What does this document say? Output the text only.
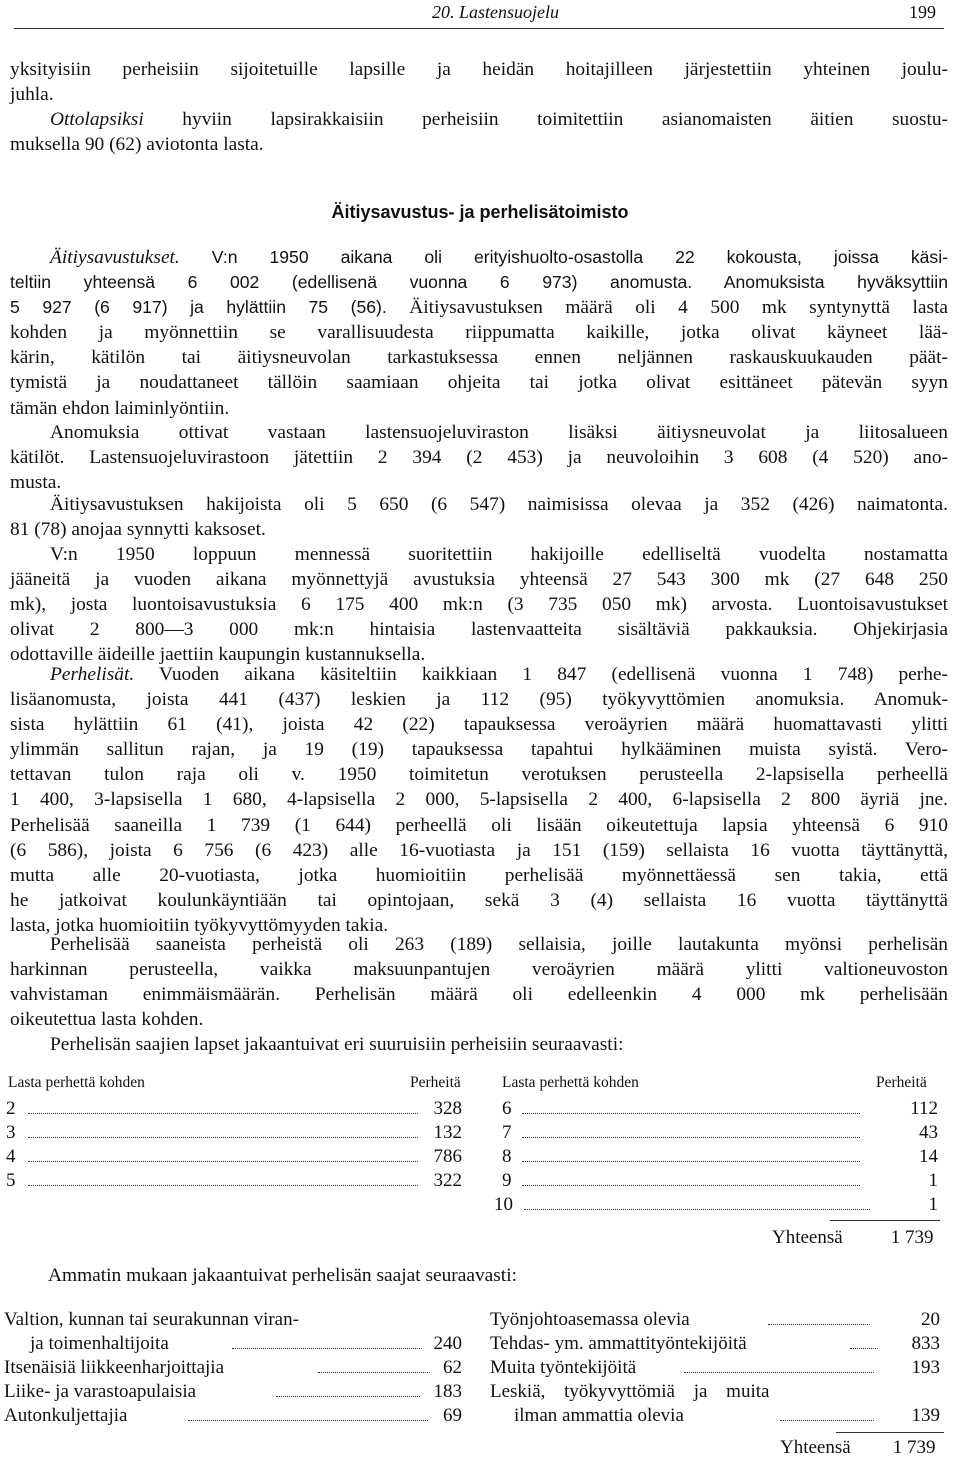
20. Lastensuojelu	199
yksityisiin perheisiin sijoitetuille lapsille ja heidän hoitajilleen järjestettiin yhteinen joulu-
juhla.
Ottolapsiksi hyviin lapsirakkaisiin perheisiin toimitettiin asianomaisten äitien suostu-
muksella 90 (62) aviotonta lasta.
Äitiysavustus- ja perhelisätoimisto
Äitiysavustukset. V:n 1950 aikana oli erityishuolto-osastolla 22 kokousta, joissa käsi-
teltiin yhteensä 6 002 (edellisenä vuonna 6 973) anomusta. Anomuksista hyväksyttiin
5 927 (6 917) ja hylättiin 75 (56). Äitiysavustuksen määrä oli 4 500 mk syntynyttä lasta
kohden ja myönnettiin se varallisuudesta riippumatta kaikille, jotka olivat käyneet lää-
kärin, kätilön tai äitiysneuvolan tarkastuksessa ennen neljännen raskauskuukauden päät-
tymistä ja noudattaneet tällöin saamiaan ohjeita tai jotka olivat esittäneet pätevän syyn
tämän ehdon laiminlyöntiin.
Anomuksia ottivat vastaan lastensuojeluviraston lisäksi äitiysneuvolat ja liitosalueen
kätilöt. Lastensuojeluvirastoon jätettiin 2 394 (2 453) ja neuvoloihin 3 608 (4 520) ano-
musta.
Äitiysavustuksen hakijoista oli 5 650 (6 547) naimisissa olevaa ja 352 (426) naimatonta.
81 (78) anojaa synnytti kaksoset.
V:n 1950 loppuun mennessä suoritettiin hakijoille edelliseltä vuodelta nostamatta
jääneitä ja vuoden aikana myönnettyjä avustuksia yhteensä 27 543 300 mk (27 648 250
mk), josta luontoisavustuksia 6 175 400 mk:n (3 735 050 mk) arvosta. Luontoisavustukset
olivat 2 800—3 000 mk:n hintaisia lastenvaatteita sisältäviä pakkauksia. Ohjekirjasia
odottaville äideille jaettiin kaupungin kustannuksella.
Perhelisät. Vuoden aikana käsiteltiin kaikkiaan 1 847 (edellisenä vuonna 1 748) perhe-
lisäanomusta, joista 441 (437) leskien ja 112 (95) työkyvyttömien anomuksia. Anomuk-
sista hylättiin 61 (41), joista 42 (22) tapauksessa veroäyrien määrä huomattavasti ylitti
ylimmän sallitun rajan, ja 19 (19) tapauksessa tapahtui hylkääminen muista syistä. Vero-
tettavan tulon raja oli v. 1950 toimitetun verotuksen perusteella 2-lapsisella perheellä
1 400, 3-lapsisella 1 680, 4-lapsisella 2 000, 5-lapsisella 2 400, 6-lapsisella 2 800 äyriä jne.
Perhelisää saaneilla 1 739 (1 644) perheellä oli lisään oikeutettuja lapsia yhteensä 6 910
(6 586), joista 6 756 (6 423) alle 16-vuotiasta ja 151 (159) sellaista 16 vuotta täyttänyttä,
mutta alle 20-vuotiasta, jotka huomioitiin perhelisää myönnettäessä sen takia, että
he jatkoivat koulunkäyntiään tai opintojaan, sekä 3 (4) sellaista 16 vuotta täyttänyttä
lasta, jotka huomioitiin työkyvyttömyyden takia.
Perhelisää saaneista perheistä oli 263 (189) sellaisia, joille lautakunta myönsi perhelisän
harkinnan perusteella, vaikka maksuunpantujen veroäyrien määrä ylitti valtioneuvoston
vahvistaman enimmäismäärän. Perhelisän määrä oli edelleenkin 4 000 mk perhelisään
oikeutettua lasta kohden.
Perhelisän saajien lapset jakaantuivat eri suuruisiin perheisiin seuraavasti:
Lasta perhettä kohden	Perheitä	Lasta perhettä kohden	Perheitä
2	328
3	132
4	786
5	322
6	112
7	43
8	14
9	1
10	1
Yhteensä	1 739
Ammatin mukaan jakaantuivat perhelisän saajat seuraavasti:
Valtion, kunnan tai seurakunnan viran-
ja toimenhaltijoita	240
Itsenäisiä liikkeenharjoittajia	62
Liike- ja varastoapulaisia	183
Autonkuljettajia	69
Työnjohtoasemassa olevia	20
Tehdas- ym. ammattityöntekijöitä	833
Muita työntekijöitä	193
Leskiä, työkyvyttömiä ja muita
ilman ammattia olevia	139
Yhteensä 1 739
